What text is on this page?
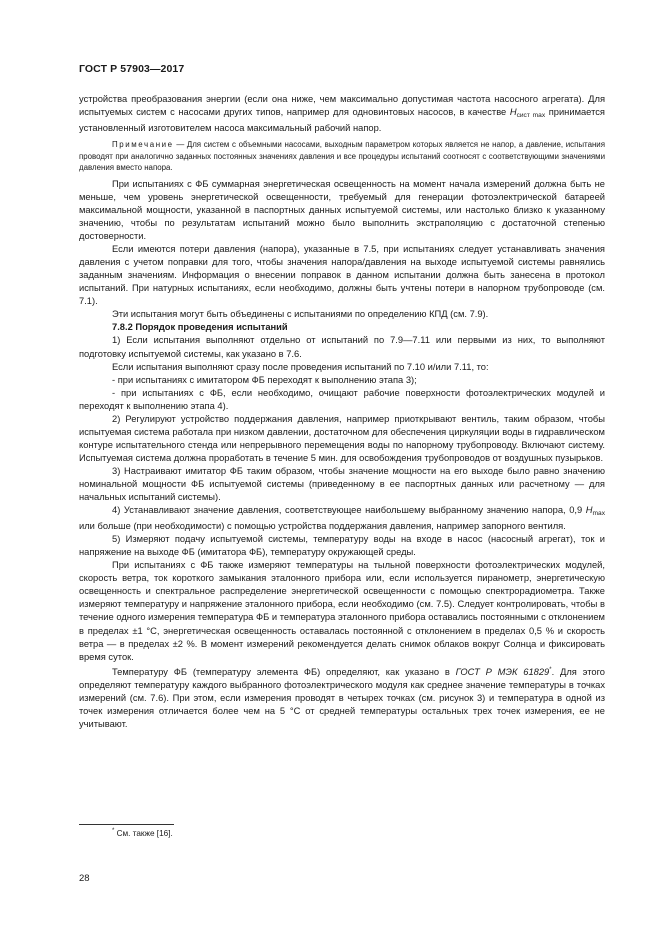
ГОСТ Р 57903—2017

устройства преобразования энергии (если она ниже, чем максимально допустимая частота насосного агрегата). Для испытуемых систем с насосами других типов, например для одновинтовых насосов, в качестве $H_{сист max}$ принимается установленный изготовителем насоса максимальный рабочий напор.

Примечание — Для систем с объемными насосами, выходным параметром которых является не напор, а давление, испытания проводят при аналогично заданных постоянных значениях давления и все процедуры испытаний соотносят с соответствующими значениями давления вместо напора.

При испытаниях с ФБ суммарная энергетическая освещенность на момент начала измерений должна быть не меньше, чем уровень энергетической освещенности, требуемый для генерации фотоэлектрической батареей максимальной мощности, указанной в паспортных данных испытуемой системы, или настолько близко к указанному значению, чтобы по результатам испытаний можно было выполнить экстраполяцию с достаточной степенью достоверности.

Если имеются потери давления (напора), указанные в 7.5, при испытаниях следует устанавливать значения давления с учетом поправки для того, чтобы значения напора/давления на выходе испытуемой системы равнялись заданным значениям. Информация о внесении поправок в данном испытании должна быть занесена в протокол испытаний. При натурных испытаниях, если необходимо, должны быть учтены потери в напорном трубопроводе (см. 7.1).

Эти испытания могут быть объединены с испытаниями по определению КПД (см. 7.9).

7.8.2 Порядок проведения испытаний

1) Если испытания выполняют отдельно от испытаний по 7.9—7.11 или первыми из них, то выполняют подготовку испытуемой системы, как указано в 7.6.

Если испытания выполняют сразу после проведения испытаний по 7.10 и/или 7.11, то:

- при испытаниях с имитатором ФБ переходят к выполнению этапа 3);

- при испытаниях с ФБ, если необходимо, очищают рабочие поверхности фотоэлектрических модулей и переходят к выполнению этапа 4).

2) Регулируют устройство поддержания давления, например приоткрывают вентиль, таким образом, чтобы испытуемая система работала при низком давлении, достаточном для обеспечения циркуляции воды в гидравлическом контуре испытательного стенда или непрерывного перемещения воды по напорному трубопроводу. Включают систему. Испытуемая система должна проработать в течение 5 мин. для освобождения трубопроводов от воздушных пузырьков.

3) Настраивают имитатор ФБ таким образом, чтобы значение мощности на его выходе было равно значению номинальной мощности ФБ испытуемой системы (приведенному в ее паспортных данных или расчетному — для начальных испытаний системы).

4) Устанавливают значение давления, соответствующее наибольшему выбранному значению напора, 0,9 $H_{max}$ или больше (при необходимости) с помощью устройства поддержания давления, например запорного вентиля.

5) Измеряют подачу испытуемой системы, температуру воды на входе в насос (насосный агрегат), ток и напряжение на выходе ФБ (имитатора ФБ), температуру окружающей среды.

При испытаниях с ФБ также измеряют температуры на тыльной поверхности фотоэлектрических модулей, скорость ветра, ток короткого замыкания эталонного прибора или, если используется пиранометр, энергетическую освещенность и спектральное распределение энергетической освещенности с помощью спектрорадиометра. Также измеряют температуру и напряжение эталонного прибора, если необходимо (см. 7.5). Следует контролировать, чтобы в течение одного измерения температура ФБ и температура эталонного прибора оставались постоянными с отклонением в пределах ±1 °С, энергетическая освещенность оставалась постоянной с отклонением в пределах 0,5 % и скорость ветра — в пределах ±2 %. В момент измерений рекомендуется делать снимок облаков вокруг Солнца и фиксировать время суток.

Температуру ФБ (температуру элемента ФБ) определяют, как указано в ГОСТ Р МЭК 61829*. Для этого определяют температуру каждого выбранного фотоэлектрического модуля как среднее значение температуры в точках измерений (см. 7.6). При этом, если измерения проводят в четырех точках (см. рисунок 3) и температура в одной из точек измерения отличается более чем на 5 °С от средней температуры остальных трех точек измерения, ее не учитывают.

* См. также [16].
28
